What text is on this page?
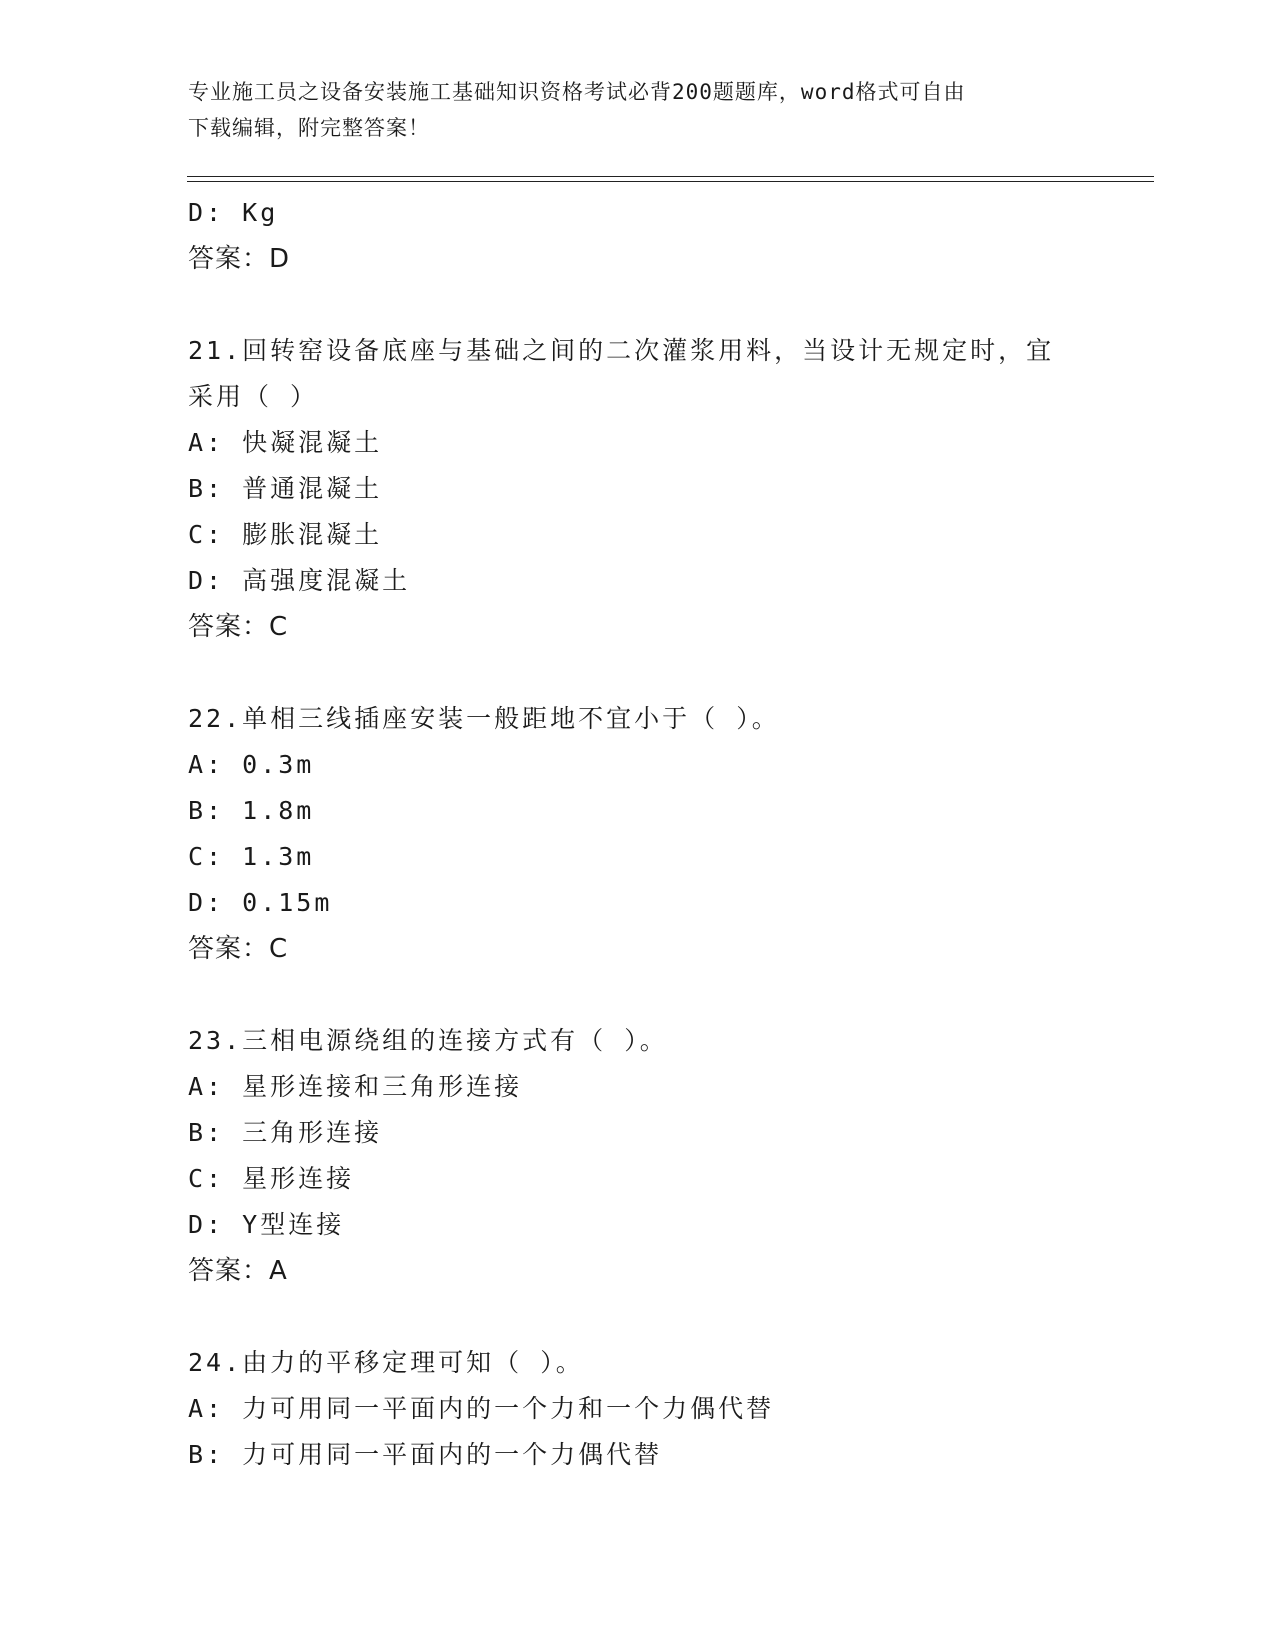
专业施工员之设备安装施工基础知识资格考试必背200题题库，word格式可自由
下载编辑，附完整答案！
D: Kg
答案：D
21.回转窑设备底座与基础之间的二次灌浆用料，当设计无规定时，宜
采用（ ）
A: 快凝混凝土
B: 普通混凝土
C: 膨胀混凝土
D: 高强度混凝土
答案：C
22.单相三线插座安装一般距地不宜小于（ ）。
A: 0.3m
B: 1.8m
C: 1.3m
D: 0.15m
答案：C
23.三相电源绕组的连接方式有（ ）。
A: 星形连接和三角形连接
B: 三角形连接
C: 星形连接
D: Y型连接
答案：A
24.由力的平移定理可知（ ）。
A: 力可用同一平面内的一个力和一个力偶代替
B: 力可用同一平面内的一个力偶代替
